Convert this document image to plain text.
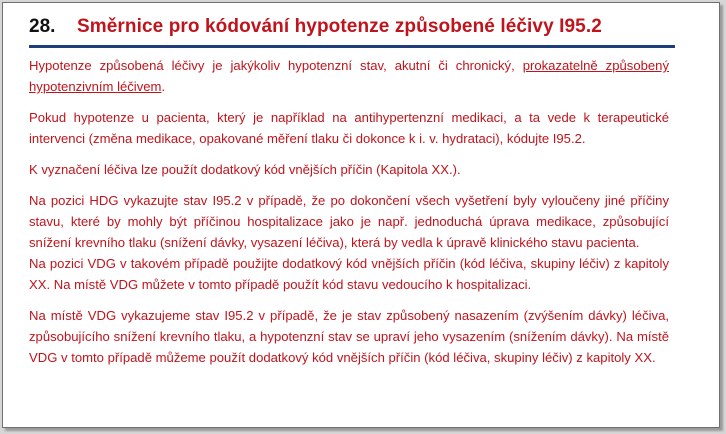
28.	Směrnice pro kódování hypotenze způsobené léčivy I95.2

Hypotenze způsobená léčivy je jakýkoliv hypotenzní stav, akutní či chronický, prokazatelně způsobený hypotenzivním léčivem.

Pokud hypotenze u pacienta, který je například na antihypertenzní medikaci, a ta vede k terapeutické intervenci (změna medikace, opakované měření tlaku či dokonce k i. v. hydrataci), kódujte I95.2.

K vyznačení léčiva lze použít dodatkový kód vnějších příčin (Kapitola XX.).

Na pozici HDG vykazujte stav I95.2 v případě, že po dokončení všech vyšetření byly vyloučeny jiné příčiny stavu, které by mohly být příčinou hospitalizace jako je např. jednoduchá úprava medikace, způsobující snížení krevního tlaku (snížení dávky, vysazení léčiva), která by vedla k úpravě klinického stavu pacienta.

Na pozici VDG v takovém případě použijte dodatkový kód vnějších příčin (kód léčiva, skupiny léčiv) z kapitoly XX. Na místě VDG můžete v tomto případě použít kód stavu vedoucího k hospitalizaci.

Na místě VDG vykazujeme stav I95.2 v případě, že je stav způsobený nasazením (zvýšením dávky) léčiva, způsobujícího snížení krevního tlaku, a hypotenzní stav se upraví jeho vysazením (snížením dávky). Na místě VDG v tomto případě můžeme použít dodatkový kód vnějších příčin (kód léčiva, skupiny léčiv) z kapitoly XX.
